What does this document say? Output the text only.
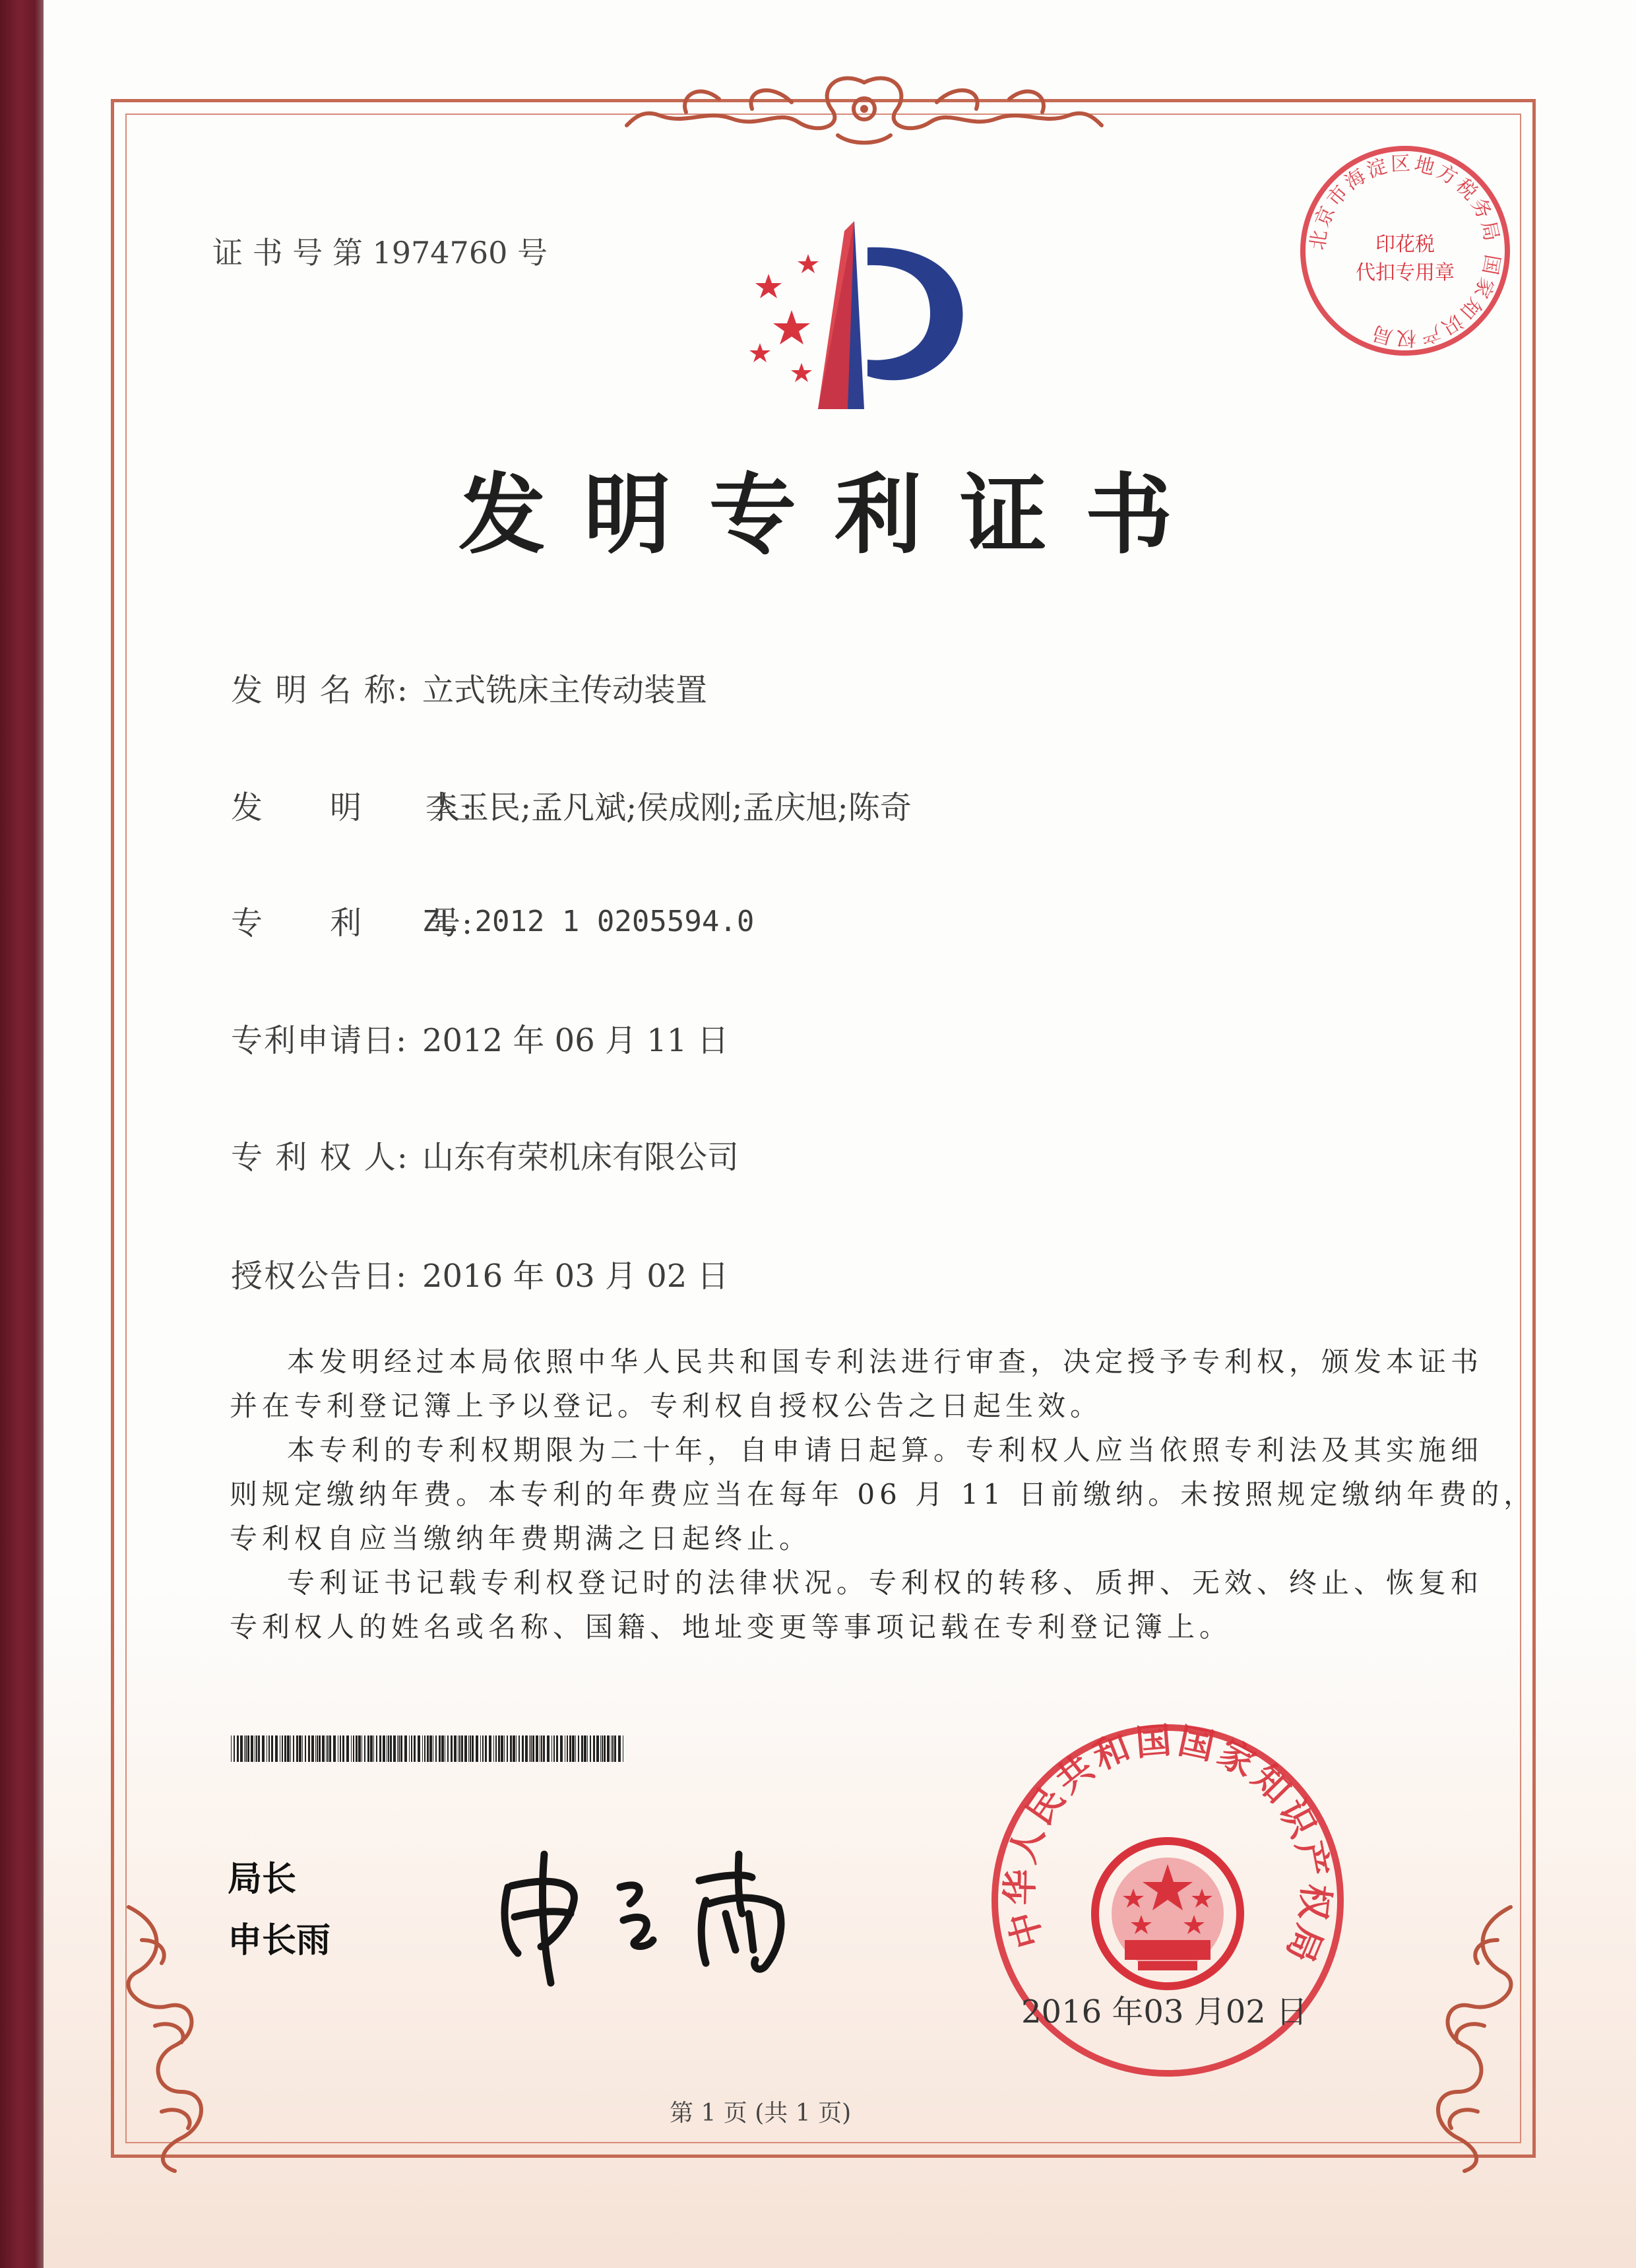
证 书 号 第 1974760 号	北京市海淀区地方税务局 国家知识产权局
印花税
代扣专用章
发明专利证书
发 明 名 称: 立式铣床主传动装置
发　　明　　人:
李玉民;孟凡斌;侯成刚;孟庆旭;陈奇
专　　利　　号:
ZL 2012 1 0205594.0
专利申请日: 2012 年 06 月 11 日
专 利 权 人: 山东有荣机床有限公司
授权公告日: 2016 年 03 月 02 日
本发明经过本局依照中华人民共和国专利法进行审查，决定授予专利权，颁发本证书
并在专利登记簿上予以登记。专利权自授权公告之日起生效。
本专利的专利权期限为二十年，自申请日起算。专利权人应当依照专利法及其实施细
则规定缴纳年费。本专利的年费应当在每年 06 月 11 日前缴纳。未按照规定缴纳年费的，
专利权自应当缴纳年费期满之日起终止。
专利证书记载专利权登记时的法律状况。专利权的转移、质押、无效、终止、恢复和
专利权人的姓名或名称、国籍、地址变更等事项记载在专利登记簿上。
局长
申长雨	中华人民共和国国家知识产权局
2016 年03 月02 日
第 1 页 (共 1 页)
